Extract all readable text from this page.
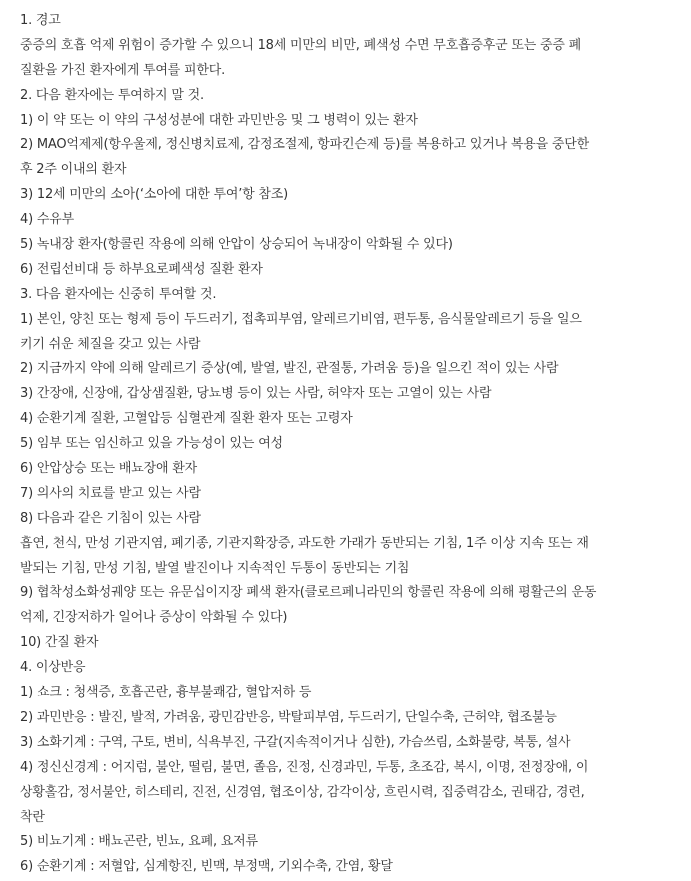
1. 경고
중증의 호흡 억제 위험이 증가할 수 있으니 18세 미만의 비만, 폐색성 수면 무호흡증후군 또는 중증 폐
질환을 가진 환자에게 투여를 피한다.
2. 다음 환자에는 투여하지 말 것.
1) 이 약 또는 이 약의 구성성분에 대한 과민반응 및 그 병력이 있는 환자
2) MAO억제제(항우울제, 정신병치료제, 감정조절제, 항파킨슨제 등)를 복용하고 있거나 복용을 중단한
후 2주 이내의 환자
3) 12세 미만의 소아(‘소아에 대한 투여’항 참조)
4) 수유부
5) 녹내장 환자(항콜린 작용에 의해 안압이 상승되어 녹내장이 악화될 수 있다)
6) 전립선비대 등 하부요로폐색성 질환 환자
3. 다음 환자에는 신중히 투여할 것.
1) 본인, 양친 또는 형제 등이 두드러기, 접촉피부염, 알레르기비염, 편두통, 음식물알레르기 등을 일으
키기 쉬운 체질을 갖고 있는 사람
2) 지금까지 약에 의해 알레르기 증상(예, 발열, 발진, 관절통, 가려움 등)을 일으킨 적이 있는 사람
3) 간장애, 신장애, 갑상샘질환, 당뇨병 등이 있는 사람, 허약자 또는 고열이 있는 사람
4) 순환기계 질환, 고혈압등 심혈관계 질환 환자 또는 고령자
5) 임부 또는 임신하고 있을 가능성이 있는 여성
6) 안압상승 또는 배뇨장애 환자
7) 의사의 치료를 받고 있는 사람
8) 다음과 같은 기침이 있는 사람
흡연, 천식, 만성 기관지염, 폐기종, 기관지확장증, 과도한 가래가 동반되는 기침, 1주 이상 지속 또는 재
발되는 기침, 만성 기침, 발열 발진이나 지속적인 두통이 동반되는 기침
9) 협착성소화성궤양 또는 유문십이지장 폐색 환자(클로르페니라민의 항콜린 작용에 의해 평활근의 운동
억제, 긴장저하가 일어나 증상이 악화될 수 있다)
10) 간질 환자
4. 이상반응
1) 쇼크 : 청색증, 호흡곤란, 흉부불쾌감, 혈압저하 등
2) 과민반응 : 발진, 발적, 가려움, 광민감반응, 박탈피부염, 두드러기, 단일수축, 근허약, 협조불능
3) 소화기계 : 구역, 구토, 변비, 식욕부진, 구갈(지속적이거나 심한), 가슴쓰림, 소화불량, 복통, 설사
4) 정신신경계 : 어지럼, 불안, 떨림, 불면, 졸음, 진정, 신경과민, 두통, 초조감, 복시, 이명, 전정장애, 이
상황홀감, 정서불안, 히스테리, 진전, 신경염, 협조이상, 감각이상, 흐린시력, 집중력감소, 권태감, 경련,
착란
5) 비뇨기계 : 배뇨곤란, 빈뇨, 요폐, 요저류
6) 순환기계 : 저혈압, 심계항진, 빈맥, 부정맥, 기외수축, 간염, 황달
